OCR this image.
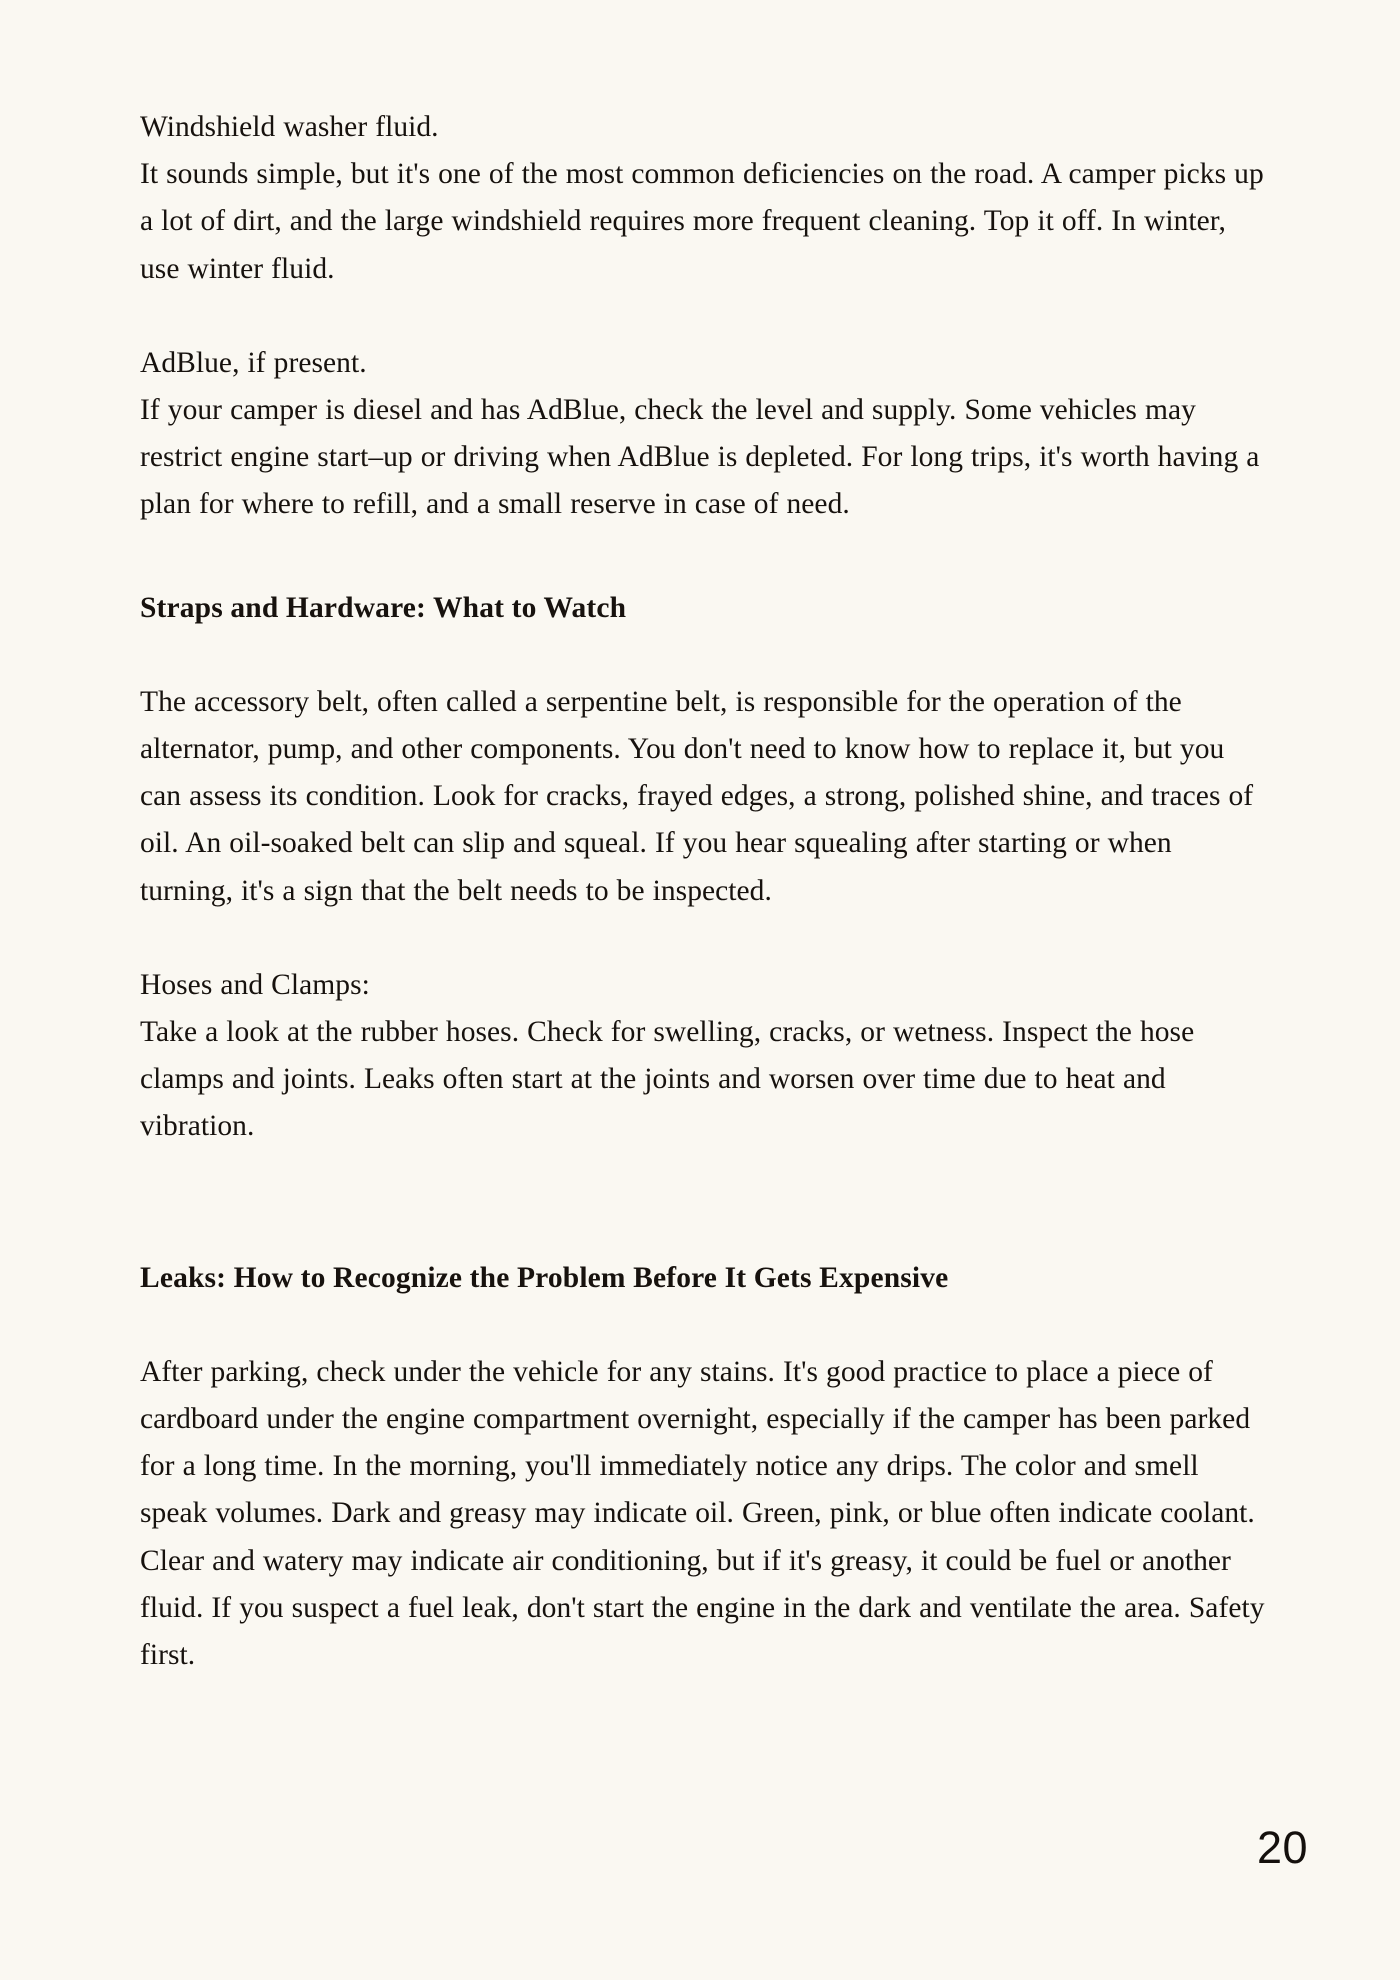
Windshield washer fluid.

It sounds simple, but it's one of the most common deficiencies on the road. A camper picks up a lot of dirt, and the large windshield requires more frequent cleaning. Top it off. In winter, use winter fluid.

AdBlue, if present.

If your camper is diesel and has AdBlue, check the level and supply. Some vehicles may restrict engine start–up or driving when AdBlue is depleted. For long trips, it's worth having a plan for where to refill, and a small reserve in case of need.

Straps and Hardware: What to Watch

The accessory belt, often called a serpentine belt, is responsible for the operation of the alternator, pump, and other components. You don't need to know how to replace it, but you can assess its condition. Look for cracks, frayed edges, a strong, polished shine, and traces of oil. An oil-soaked belt can slip and squeal. If you hear squealing after starting or when turning, it's a sign that the belt needs to be inspected.

Hoses and Clamps:

Take a look at the rubber hoses. Check for swelling, cracks, or wetness. Inspect the hose clamps and joints. Leaks often start at the joints and worsen over time due to heat and vibration.

Leaks: How to Recognize the Problem Before It Gets Expensive

After parking, check under the vehicle for any stains. It's good practice to place a piece of cardboard under the engine compartment overnight, especially if the camper has been parked for a long time. In the morning, you'll immediately notice any drips. The color and smell speak volumes. Dark and greasy may indicate oil. Green, pink, or blue often indicate coolant. Clear and watery may indicate air conditioning, but if it's greasy, it could be fuel or another fluid. If you suspect a fuel leak, don't start the engine in the dark and ventilate the area. Safety first.

20
